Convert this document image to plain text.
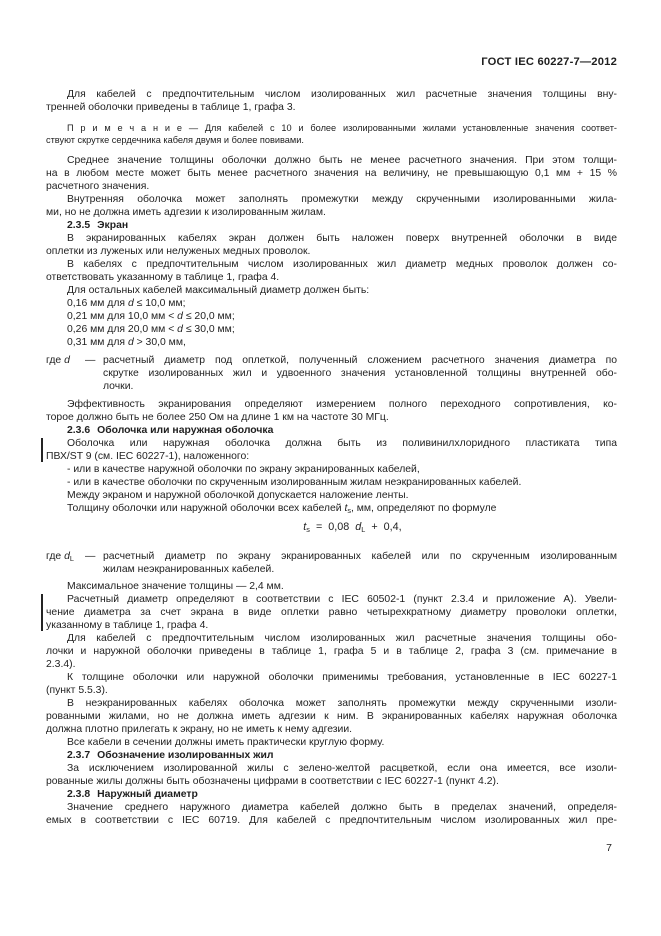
ГОСТ IEC 60227-7—2012
Для кабелей с предпочтительным числом изолированных жил расчетные значения толщины вну-
тренней оболочки приведены в таблице 1, графа 3.
П р и м е ч а н и е — Для кабелей с 10 и более изолированными жилами установленные значения соответ-
ствуют скрутке сердечника кабеля двумя и более повивами.
Среднее значение толщины оболочки должно быть не менее расчетного значения. При этом толщи-
на в любом месте может быть менее расчетного значения на величину, не превышающую 0,1 мм + 15 %
расчетного значения.
Внутренняя оболочка может заполнять промежутки между скрученными изолированными жила-
ми, но не должна иметь адгезии к изолированным жилам.
2.3.5 Экран
В экранированных кабелях экран должен быть наложен поверх внутренней оболочки в виде
оплетки из луженых или нелуженых медных проволок.
В кабелях с предпочтительным числом изолированных жил диаметр медных проволок должен со-
ответствовать указанному в таблице 1, графа 4.
Для остальных кабелей максимальный диаметр должен быть:
0,16 мм для d ≤ 10,0 мм;
0,21 мм для 10,0 мм < d ≤ 20,0 мм;
0,26 мм для 20,0 мм < d ≤ 30,0 мм;
0,31 мм для d > 30,0 мм,
где d	— расчетный диаметр под оплеткой, полученный сложением расчетного значения диаметра по
скрутке изолированных жил и удвоенного значения установленной толщины внутренней обо-
лочки.
Эффективность экранирования определяют измерением полного переходного сопротивления, ко-
торое должно быть не более 250 Ом на длине 1 км на частоте 30 МГц.
2.3.6 Оболочка или наружная оболочка
Оболочка или наружная оболочка должна быть из поливинилхлоридного пластиката типа
ПВХ/ST 9 (см. IEC 60227-1), наложенного:
- или в качестве наружной оболочки по экрану экранированных кабелей,
- или в качестве оболочки по скрученным изолированным жилам неэкранированных кабелей.
Между экраном и наружной оболочкой допускается наложение ленты.
Толщину оболочки или наружной оболочки всех кабелей $t_s$, мм, определяют по формуле
$t_s = 0,08$ $d_L + 0,4$,
где $d_L$	— расчетный диаметр по экрану экранированных кабелей или по скрученным изолированным
жилам неэкранированных кабелей.
Максимальное значение толщины — 2,4 мм.
Расчетный диаметр определяют в соответствии с IEC 60502-1 (пункт 2.3.4 и приложение А). Увели-
чение диаметра за счет экрана в виде оплетки равно четырехкратному диаметру проволоки оплетки,
указанному в таблице 1, графа 4.
Для кабелей с предпочтительным числом изолированных жил расчетные значения толщины обо-
лочки и наружной оболочки приведены в таблице 1, графа 5 и в таблице 2, графа 3 (см. примечание в
2.3.4).
К толщине оболочки или наружной оболочки применимы требования, установленные в IEC 60227-1
(пункт 5.5.3).
В неэкранированных кабелях оболочка может заполнять промежутки между скрученными изоли-
рованными жилами, но не должна иметь адгезии к ним. В экранированных кабелях наружная оболочка
должна плотно прилегать к экрану, но не иметь к нему адгезии.
Все кабели в сечении должны иметь практически круглую форму.
2.3.7 Обозначение изолированных жил
За исключением изолированной жилы с зелено-желтой расцветкой, если она имеется, все изоли-
рованные жилы должны быть обозначены цифрами в соответствии с IEC 60227-1 (пункт 4.2).
2.3.8 Наружный диаметр
Значение среднего наружного диаметра кабелей должно быть в пределах значений, определя-
емых в соответствии с IEC 60719. Для кабелей с предпочтительным числом изолированных жил пре-
7
